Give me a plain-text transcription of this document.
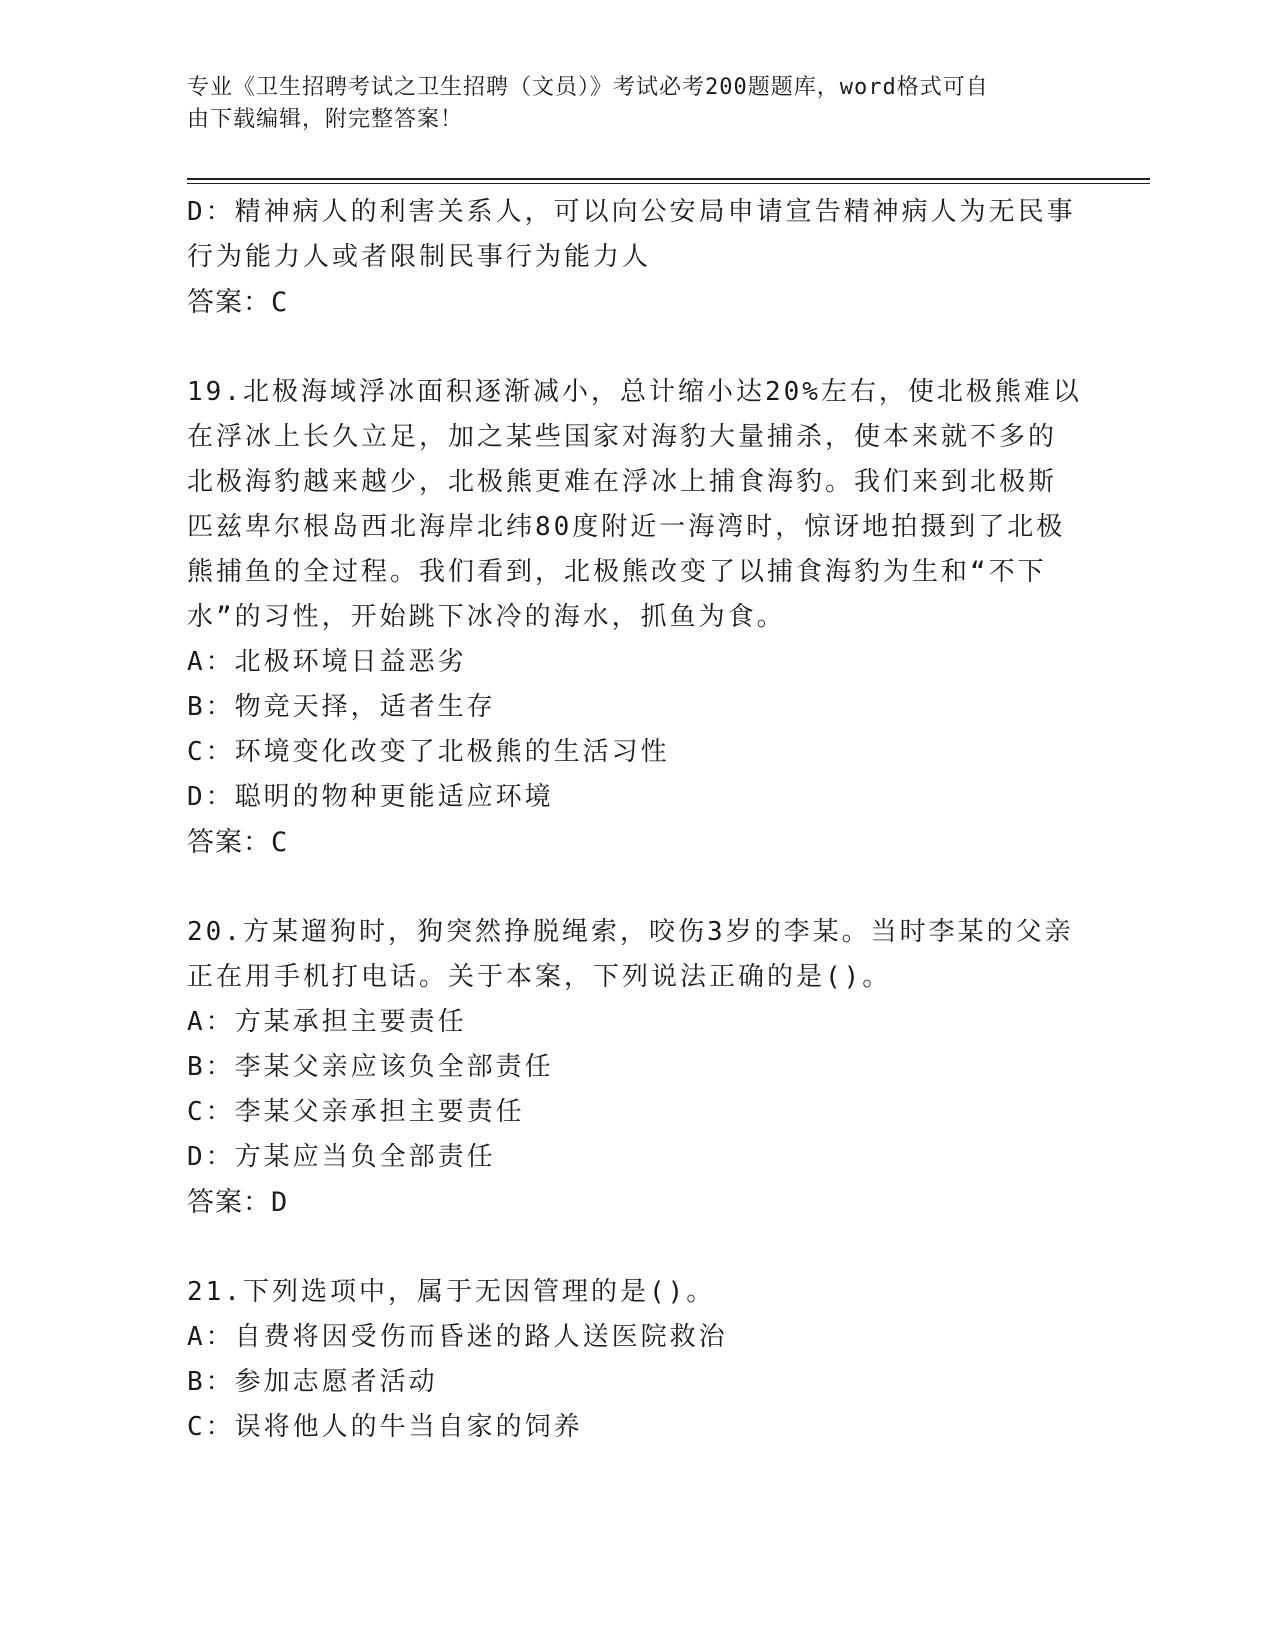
专业《卫生招聘考试之卫生招聘（文员）》考试必考200题题库，word格式可自
由下载编辑，附完整答案！
D：精神病人的利害关系人，可以向公安局申请宣告精神病人为无民事
行为能力人或者限制民事行为能力人
答案：C
19.北极海域浮冰面积逐渐减小，总计缩小达20%左右，使北极熊难以
在浮冰上长久立足，加之某些国家对海豹大量捕杀，使本来就不多的
北极海豹越来越少，北极熊更难在浮冰上捕食海豹。我们来到北极斯
匹兹卑尔根岛西北海岸北纬80度附近一海湾时，惊讶地拍摄到了北极
熊捕鱼的全过程。我们看到，北极熊改变了以捕食海豹为生和“不下
水”的习性，开始跳下冰冷的海水，抓鱼为食。
A：北极环境日益恶劣
B：物竞天择，适者生存
C：环境变化改变了北极熊的生活习性
D：聪明的物种更能适应环境
答案：C
20.方某遛狗时，狗突然挣脱绳索，咬伤3岁的李某。当时李某的父亲
正在用手机打电话。关于本案，下列说法正确的是()。
A：方某承担主要责任
B：李某父亲应该负全部责任
C：李某父亲承担主要责任
D：方某应当负全部责任
答案：D
21.下列选项中，属于无因管理的是()。
A：自费将因受伤而昏迷的路人送医院救治
B：参加志愿者活动
C：误将他人的牛当自家的饲养
